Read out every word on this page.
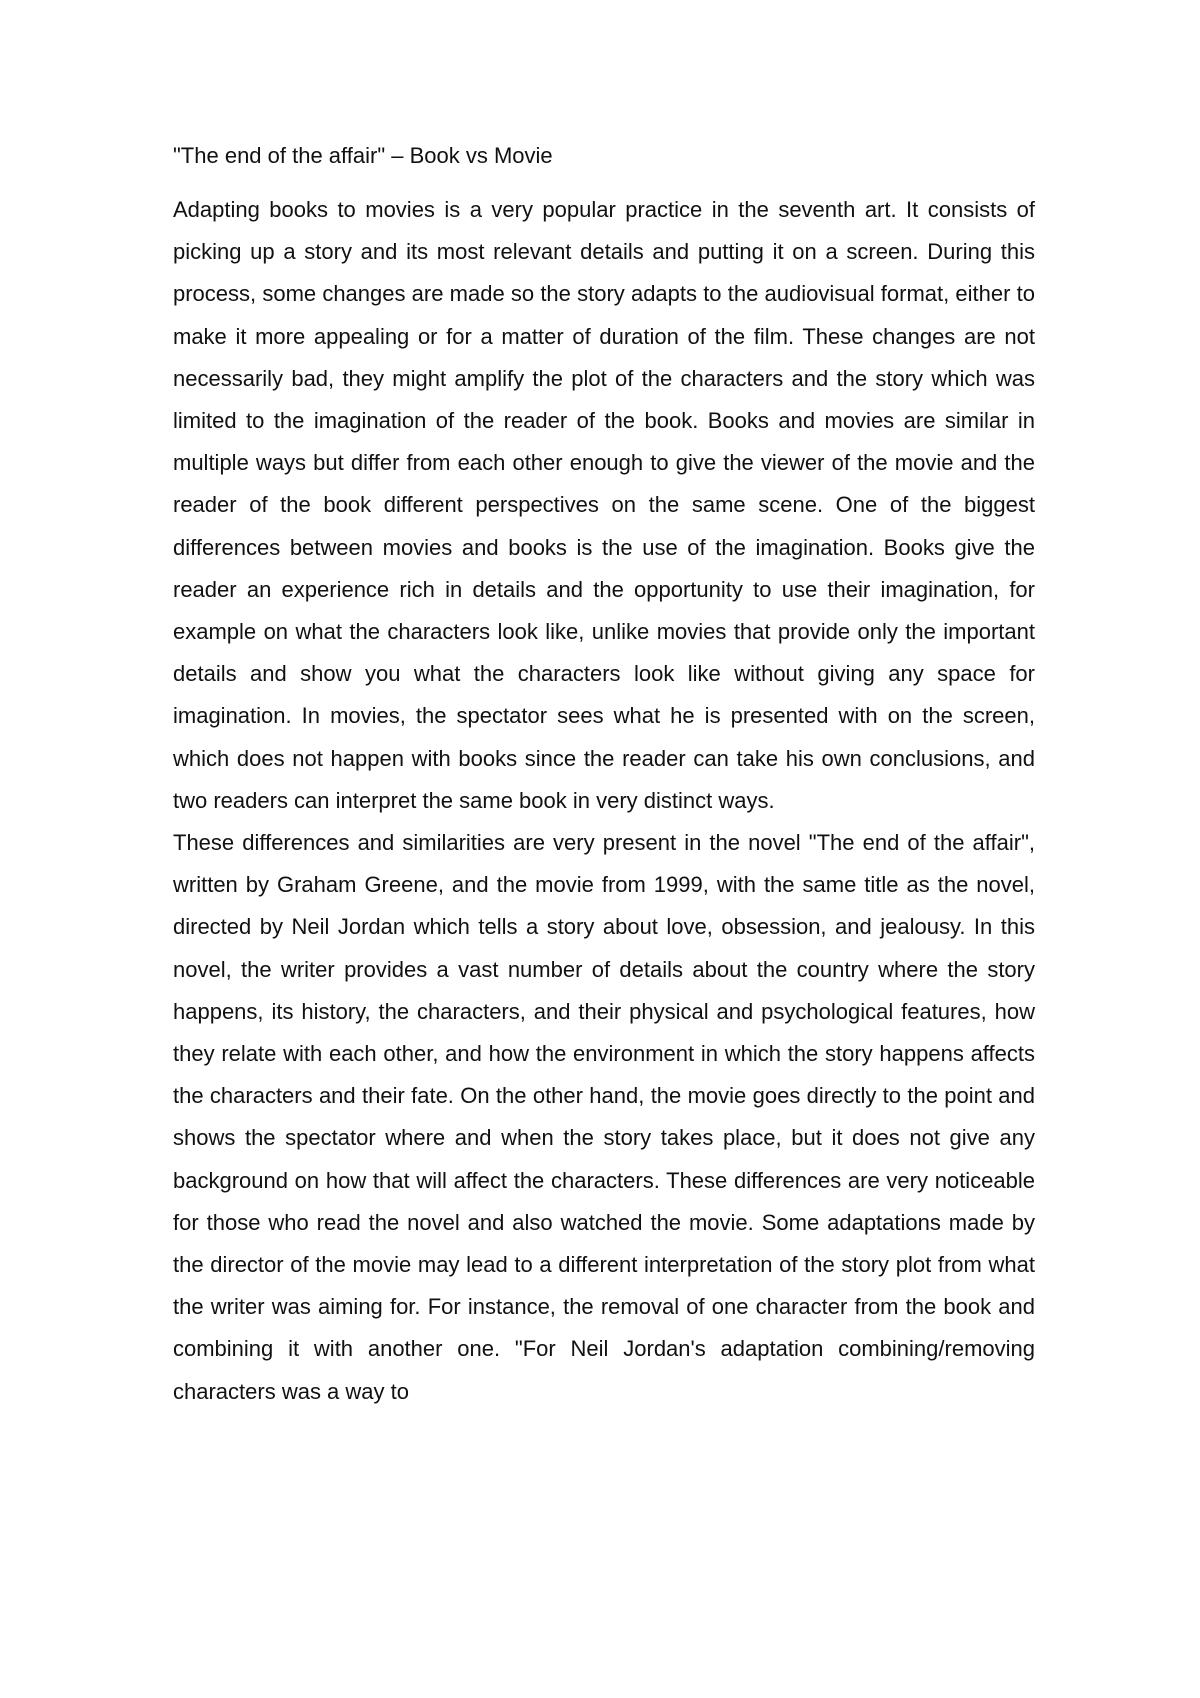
"The end of the affair" – Book vs Movie

Adapting books to movies is a very popular practice in the seventh art. It consists of picking up a story and its most relevant details and putting it on a screen. During this process, some changes are made so the story adapts to the audiovisual format, either to make it more appealing or for a matter of duration of the film. These changes are not necessarily bad, they might amplify the plot of the characters and the story which was limited to the imagination of the reader of the book. Books and movies are similar in multiple ways but differ from each other enough to give the viewer of the movie and the reader of the book different perspectives on the same scene. One of the biggest differences between movies and books is the use of the imagination. Books give the reader an experience rich in details and the opportunity to use their imagination, for example on what the characters look like, unlike movies that provide only the important details and show you what the characters look like without giving any space for imagination. In movies, the spectator sees what he is presented with on the screen, which does not happen with books since the reader can take his own conclusions, and two readers can interpret the same book in very distinct ways.

These differences and similarities are very present in the novel "The end of the affair", written by Graham Greene, and the movie from 1999, with the same title as the novel, directed by Neil Jordan which tells a story about love, obsession, and jealousy. In this novel, the writer provides a vast number of details about the country where the story happens, its history, the characters, and their physical and psychological features, how they relate with each other, and how the environment in which the story happens affects the characters and their fate. On the other hand, the movie goes directly to the point and shows the spectator where and when the story takes place, but it does not give any background on how that will affect the characters. These differences are very noticeable for those who read the novel and also watched the movie. Some adaptations made by the director of the movie may lead to a different interpretation of the story plot from what the writer was aiming for. For instance, the removal of one character from the book and combining it with another one. "For Neil Jordan's adaptation combining/removing characters was a way to
